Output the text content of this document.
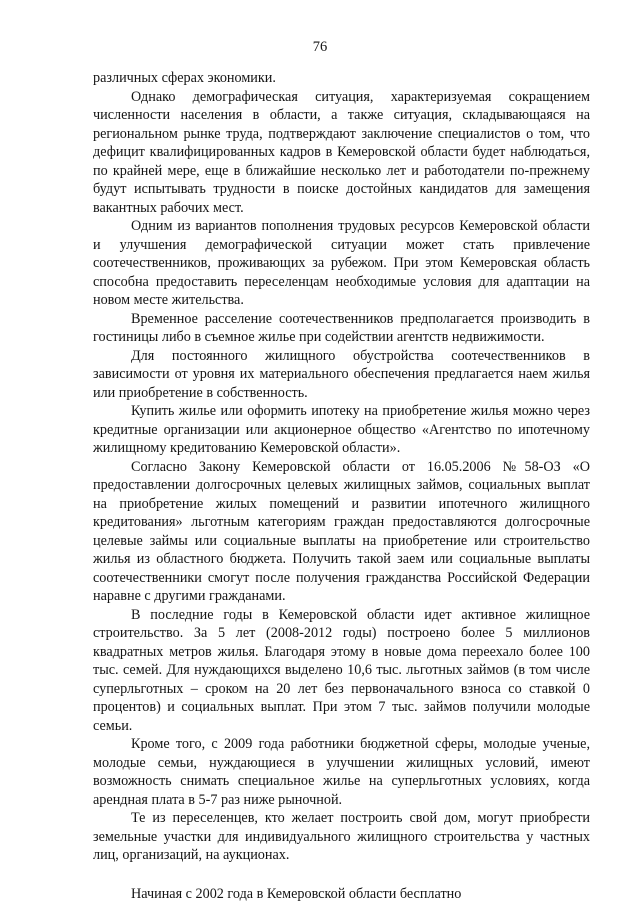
76

различных сферах экономики.

Однако демографическая ситуация, характеризуемая сокращением численности населения в области, а также ситуация, складывающаяся на региональном рынке труда, подтверждают заключение специалистов о том, что дефицит квалифицированных кадров в Кемеровской области будет наблюдаться, по крайней мере, еще в ближайшие несколько лет и работодатели по-прежнему будут испытывать трудности в поиске достойных кандидатов для замещения вакантных рабочих мест.

Одним из вариантов пополнения трудовых ресурсов Кемеровской области и улучшения демографической ситуации может стать привлечение соотечественников, проживающих за рубежом. При этом Кемеровская область способна предоставить переселенцам необходимые условия для адаптации на новом месте жительства.

Временное расселение соотечественников предполагается производить в гостиницы либо в съемное жилье при содействии агентств недвижимости.

Для постоянного жилищного обустройства соотечественников в зависимости от уровня их материального обеспечения предлагается наем жилья или приобретение в собственность.

Купить жилье или оформить ипотеку на приобретение жилья можно через кредитные организации или акционерное общество «Агентство по ипотечному жилищному кредитованию Кемеровской области».

Согласно Закону Кемеровской области от 16.05.2006 №58-ОЗ «О предоставлении долгосрочных целевых жилищных займов, социальных выплат на приобретение жилых помещений и развитии ипотечного жилищного кредитования» льготным категориям граждан предоставляются долгосрочные целевые займы или социальные выплаты на приобретение или строительство жилья из областного бюджета. Получить такой заем или социальные выплаты соотечественники смогут после получения гражданства Российской Федерации наравне с другими гражданами.

В последние годы в Кемеровской области идет активное жилищное строительство. За 5 лет (2008-2012 годы) построено более 5 миллионов квадратных метров жилья. Благодаря этому в новые дома переехало более 100 тыс. семей. Для нуждающихся выделено 10,6 тыс. льготных займов (в том числе суперльготных – сроком на 20 лет без первоначального взноса со ставкой 0 процентов) и социальных выплат. При этом 7 тыс. займов получили молодые семьи.

Кроме того, с 2009 года работники бюджетной сферы, молодые ученые, молодые семьи, нуждающиеся в улучшении жилищных условий, имеют возможность снимать специальное жилье на суперльготных условиях, когда арендная плата в 5-7 раз ниже рыночной.

Те из переселенцев, кто желает построить свой дом, могут приобрести земельные участки для индивидуального жилищного строительства у частных лиц, организаций, на аукционах.

Начиная с 2002 года в Кемеровской области бесплатно
